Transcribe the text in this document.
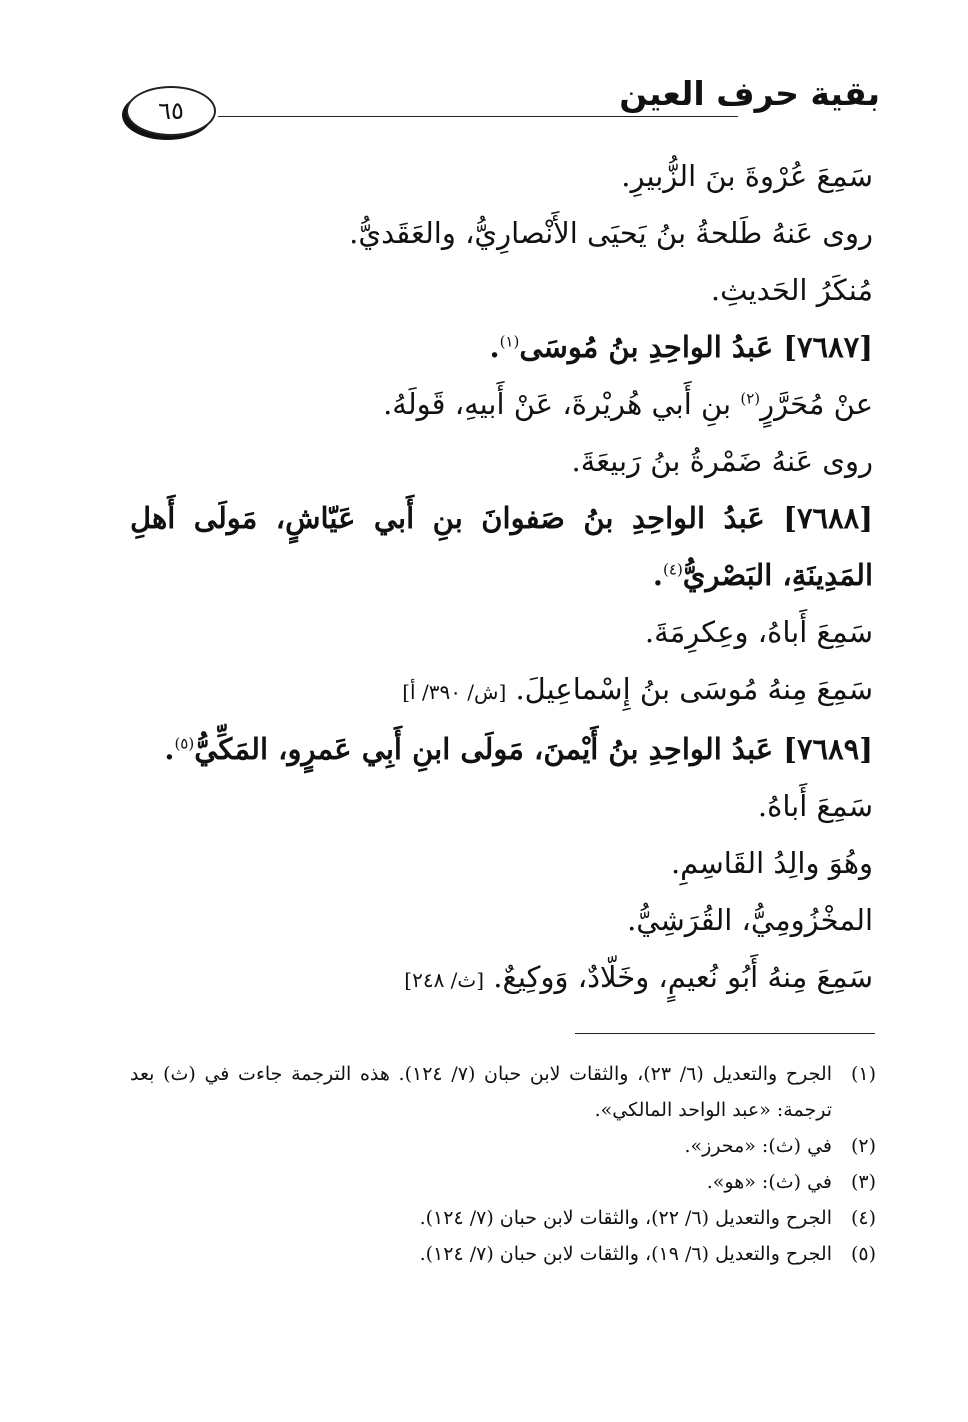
بقية حرف العين
٦٥
سَمِعَ عُرْوةَ بنَ الزُّبيرِ.
روى عَنهُ طَلحةُ بنُ يَحيَى الأَنْصارِيُّ، والعَقَديُّ.
مُنكَرُ الحَديثِ.
[٧٦٨٧] عَبدُ الواحِدِ بنُ مُوسَى$^{(١)}$.
عنْ مُحَرَّرٍ$^{(٢)}$ بنِ أَبي هُريْرةَ، عَنْ أَبيهِ، قَولَهُ.
روى عَنهُ ضَمْرةُ بنُ رَبيعَةَ.
[٧٦٨٨] عَبدُ الواحِدِ بنُ صَفوانَ بنِ أَبي عَيّاشٍ، مَولَى أَهلِ المَدِينَةِ، البَصْريُّ$^{(٤)}$.
سَمِعَ أَباهُ، وعِكرِمَةَ.
سَمِعَ مِنهُ مُوسَى بنُ إِسْماعِيلَ. [ش/ ٣٩٠/ أ]
[٧٦٨٩] عَبدُ الواحِدِ بنُ أَيْمنَ، مَولَى ابنِ أَبِي عَمرٍو، المَكِّيُّ$^{(٥)}$.
سَمِعَ أَباهُ.
وهُوَ والِدُ القَاسِمِ.
المخْزُومِيُّ، القُرَشِيُّ.
سَمِعَ مِنهُ أَبُو نُعيمٍ، وخَلّادٌ، وَوكِيعٌ. [ث/ ٢٤٨]
(١)
الجرح والتعديل (٦/ ٢٣)، والثقات لابن حبان (٧/ ١٢٤). هذه الترجمة جاءت في (ث) بعد ترجمة: «عبد الواحد المالكي».
(٢)
في (ث): «محرز».
(٣)
في (ث): «هو».
(٤)
الجرح والتعديل (٦/ ٢٢)، والثقات لابن حبان (٧/ ١٢٤).
(٥)
الجرح والتعديل (٦/ ١٩)، والثقات لابن حبان (٧/ ١٢٤).
